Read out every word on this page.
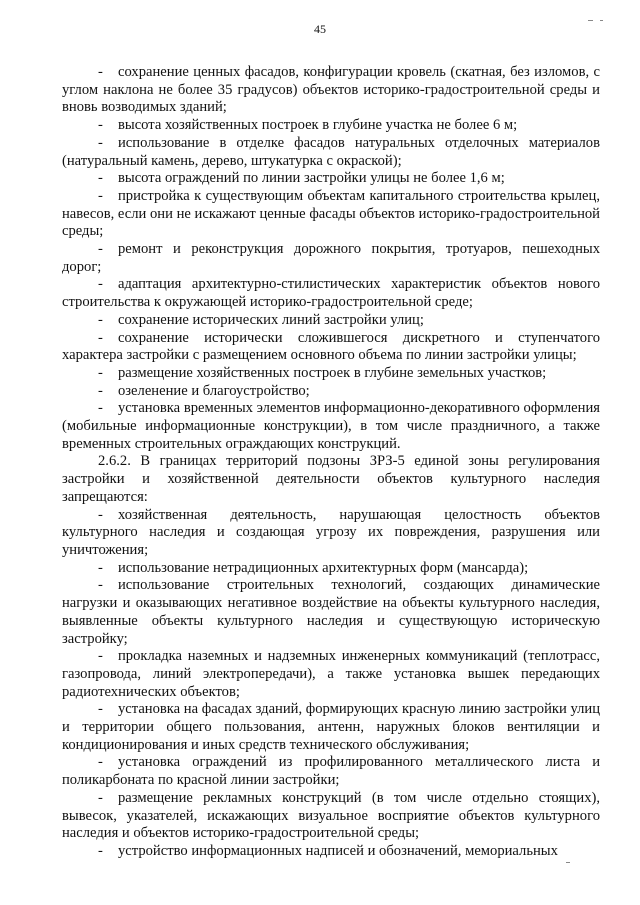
45

- сохранение ценных фасадов, конфигурации кровель (скатная, без изломов, с углом наклона не более 35 градусов) объектов историко-градостроительной среды и вновь возводимых зданий;

- высота хозяйственных построек в глубине участка не более 6 м;

- использование в отделке фасадов натуральных отделочных материалов (натуральный камень, дерево, штукатурка с окраской);

- высота ограждений по линии застройки улицы не более 1,6 м;

- пристройка к существующим объектам капитального строительства крылец, навесов, если они не искажают ценные фасады объектов историко-градостроительной среды;

- ремонт и реконструкция дорожного покрытия, тротуаров, пешеходных дорог;

- адаптация архитектурно-стилистических характеристик объектов нового строительства к окружающей историко-градостроительной среде;

- сохранение исторических линий застройки улиц;

- сохранение исторически сложившегося дискретного и ступенчатого характера застройки с размещением основного объема по линии застройки улицы;

- размещение хозяйственных построек в глубине земельных участков;

- озеленение и благоустройство;

- установка временных элементов информационно-декоративного оформления (мобильные информационные конструкции), в том числе праздничного, а также временных строительных ограждающих конструкций.

2.6.2. В границах территорий подзоны ЗРЗ-5 единой зоны регулирования застройки и хозяйственной деятельности объектов культурного наследия запрещаются:

- хозяйственная деятельность, нарушающая целостность объектов культурного наследия и создающая угрозу их повреждения, разрушения или уничтожения;

- использование нетрадиционных архитектурных форм (мансарда);

- использование строительных технологий, создающих динамические нагрузки и оказывающих негативное воздействие на объекты культурного наследия, выявленные объекты культурного наследия и существующую историческую застройку;

- прокладка наземных и надземных инженерных коммуникаций (теплотрасс, газопровода, линий электропередачи), а также установка вышек передающих радиотехнических объектов;

- установка на фасадах зданий, формирующих красную линию застройки улиц и территории общего пользования, антенн, наружных блоков вентиляции и кондиционирования и иных средств технического обслуживания;

- установка ограждений из профилированного металлического листа и поликарбоната по красной линии застройки;

- размещение рекламных конструкций (в том числе отдельно стоящих), вывесок, указателей, искажающих визуальное восприятие объектов культурного наследия и объектов историко-градостроительной среды;

- устройство информационных надписей и обозначений, мемориальных
